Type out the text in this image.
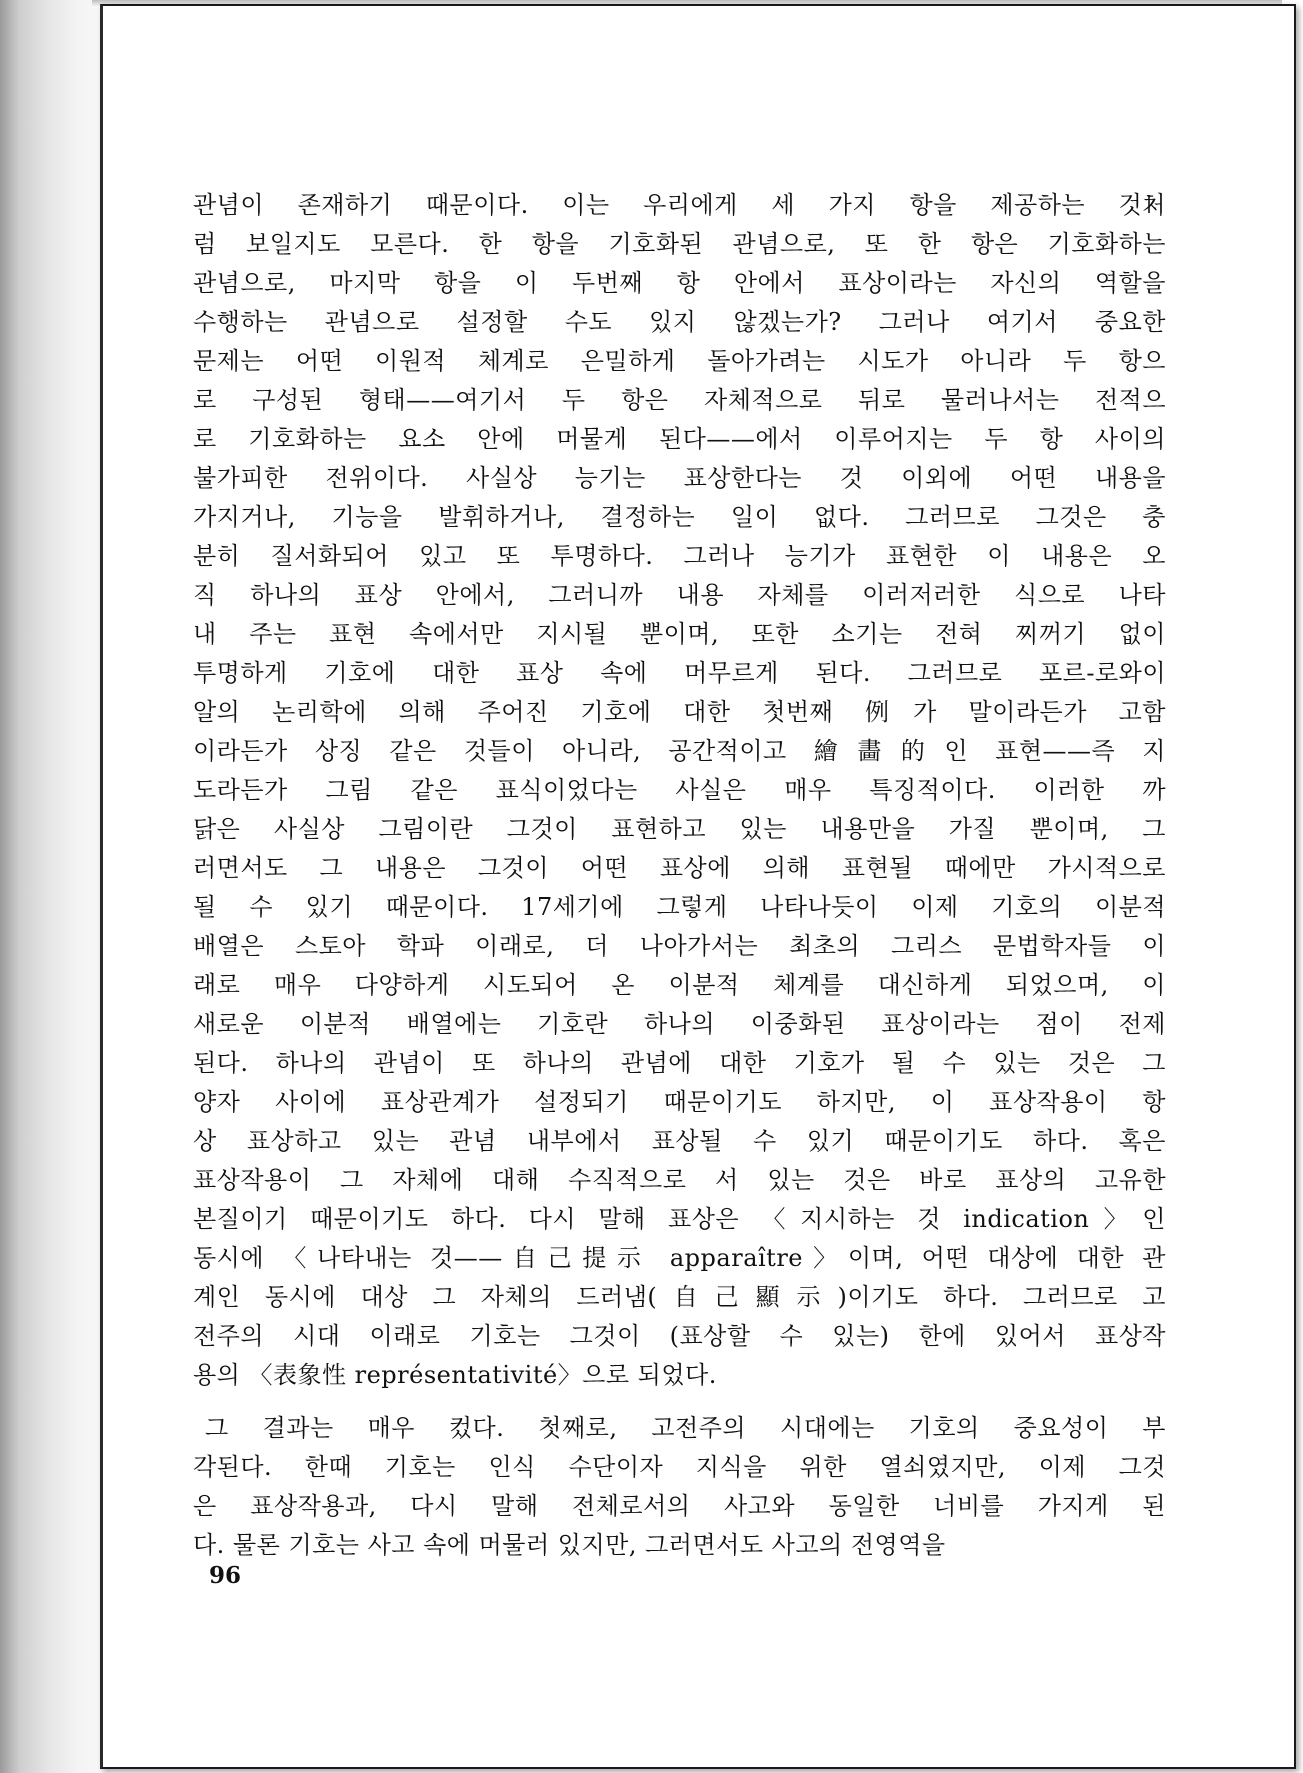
관념이 존재하기 때문이다. 이는 우리에게 세 가지 항을 제공하는 것처
럼 보일지도 모른다. 한 항을 기호화된 관념으로, 또 한 항은 기호화하는
관념으로, 마지막 항을 이 두번째 항 안에서 표상이라는 자신의 역할을
수행하는 관념으로 설정할 수도 있지 않겠는가? 그러나 여기서 중요한
문제는 어떤 이원적 체계로 은밀하게 돌아가려는 시도가 아니라 두 항으
로 구성된 형태——여기서 두 항은 자체적으로 뒤로 물러나서는 전적으
로 기호화하는 요소 안에 머물게 된다——에서 이루어지는 두 항 사이의
불가피한 전위이다. 사실상 능기는 표상한다는 것 이외에 어떤 내용을
가지거나, 기능을 발휘하거나, 결정하는 일이 없다. 그러므로 그것은 충
분히 질서화되어 있고 또 투명하다. 그러나 능기가 표현한 이 내용은 오
직 하나의 표상 안에서, 그러니까 내용 자체를 이러저러한 식으로 나타
내 주는 표현 속에서만 지시될 뿐이며, 또한 소기는 전혀 찌꺼기 없이
투명하게 기호에 대한 표상 속에 머무르게 된다. 그러므로 포르-로와이
알의 논리학에 의해 주어진 기호에 대한 첫번째 例가 말이라든가 고함
이라든가 상징 같은 것들이 아니라, 공간적이고 繪畵的인 표현——즉 지
도라든가 그림 같은 표식이었다는 사실은 매우 특징적이다. 이러한 까
닭은 사실상 그림이란 그것이 표현하고 있는 내용만을 가질 뿐이며, 그
러면서도 그 내용은 그것이 어떤 표상에 의해 표현될 때에만 가시적으로
될 수 있기 때문이다. 17세기에 그렇게 나타나듯이 이제 기호의 이분적
배열은 스토아 학파 이래로, 더 나아가서는 최초의 그리스 문법학자들 이
래로 매우 다양하게 시도되어 온 이분적 체계를 대신하게 되었으며, 이
새로운 이분적 배열에는 기호란 하나의 이중화된 표상이라는 점이 전제
된다. 하나의 관념이 또 하나의 관념에 대한 기호가 될 수 있는 것은 그
양자 사이에 표상관계가 설정되기 때문이기도 하지만, 이 표상작용이 항
상 표상하고 있는 관념 내부에서 표상될 수 있기 때문이기도 하다. 혹은
표상작용이 그 자체에 대해 수직적으로 서 있는 것은 바로 표상의 고유한
본질이기 때문이기도 하다. 다시 말해 표상은 〈지시하는 것 indication〉인
동시에 〈나타내는 것——自己提示 apparaître〉이며, 어떤 대상에 대한 관
계인 동시에 대상 그 자체의 드러냄(自己顯示)이기도 하다. 그러므로 고
전주의 시대 이래로 기호는 그것이 (표상할 수 있는) 한에 있어서 표상작
용의 〈表象性 représentativité〉으로 되었다.
그 결과는 매우 컸다. 첫째로, 고전주의 시대에는 기호의 중요성이 부
각된다. 한때 기호는 인식 수단이자 지식을 위한 열쇠였지만, 이제 그것
은 표상작용과, 다시 말해 전체로서의 사고와 동일한 너비를 가지게 된
다. 물론 기호는 사고 속에 머물러 있지만, 그러면서도 사고의 전영역을
96
